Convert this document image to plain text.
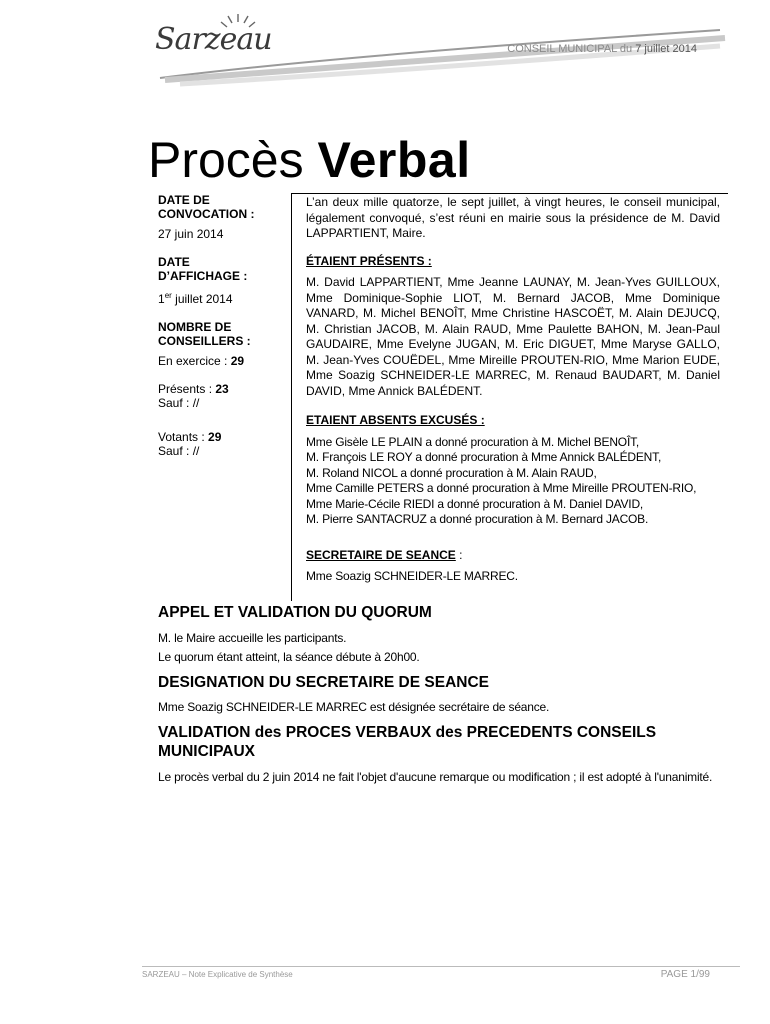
Sarzeau	CONSEIL MUNICIPAL du 7 juillet 2014
Procès Verbal
DATE DE
CONVOCATION :
27 juin 2014
DATE
D’AFFICHAGE :
1er juillet 2014
NOMBRE DE
CONSEILLERS :
En exercice : 29
Présents : 23
Sauf : //
Votants : 29
Sauf : //
L’an deux mille quatorze, le sept juillet, à vingt heures, le conseil municipal, légalement convoqué, s’est réuni en mairie sous la présidence de M. David LAPPARTIENT, Maire.
ÉTAIENT PRÉSENTS :
M. David LAPPARTIENT, Mme Jeanne LAUNAY, M. Jean-Yves GUILLOUX, Mme Dominique-Sophie LIOT, M. Bernard JACOB, Mme Dominique VANARD, M. Michel BENOÎT, Mme Christine HASCOËT, M. Alain DEJUCQ, M. Christian JACOB, M. Alain RAUD, Mme Paulette BAHON, M. Jean-Paul GAUDAIRE, Mme Evelyne JUGAN, M. Eric DIGUET, Mme Maryse GALLO, M. Jean-Yves COUËDEL, Mme Mireille PROUTEN-RIO, Mme Marion EUDE, Mme Soazig SCHNEIDER-LE MARREC, M. Renaud BAUDART, M. Daniel DAVID, Mme Annick BALÉDENT.
ETAIENT ABSENTS EXCUSÉS :
Mme Gisèle LE PLAIN a donné procuration à M. Michel BENOÎT,
M. François LE ROY a donné procuration à Mme Annick BALÉDENT,
M. Roland NICOL a donné procuration à M. Alain RAUD,
Mme Camille PETERS a donné procuration à Mme Mireille PROUTEN-RIO,
Mme Marie-Cécile RIEDI a donné procuration à M. Daniel DAVID,
M. Pierre SANTACRUZ a donné procuration à M. Bernard JACOB.
SECRETAIRE DE SEANCE :
Mme Soazig SCHNEIDER-LE MARREC.
APPEL ET VALIDATION DU QUORUM
M. le Maire accueille les participants.
Le quorum étant atteint, la séance débute à 20h00.
DESIGNATION DU SECRETAIRE DE SEANCE
Mme Soazig SCHNEIDER-LE MARREC est désignée secrétaire de séance.
VALIDATION des PROCES VERBAUX des PRECEDENTS CONSEILS
MUNICIPAUX
Le procès verbal du 2 juin 2014 ne fait l'objet d'aucune remarque ou modification ; il est adopté à l'unanimité.
SARZEAU – Note Explicative de Synthèse	PAGE 1/99
